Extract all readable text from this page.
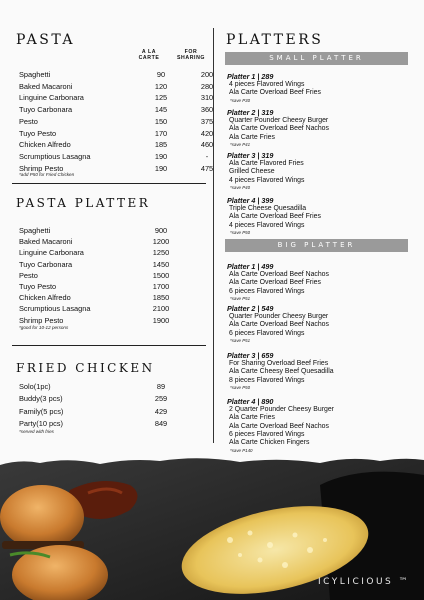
PASTA
A LA CARTE
FOR SHARING
*add P50 for Fried Chicken
PASTA PLATTER
*good for 10-12 persons
FRIED CHICKEN
*served with fries
PLATTERS
SMALL PLATTER
BIG PLATTER
ICYLICIOUS ™
Spaghetti	90	200
Baked Macaroni	120	280
Linguine Carbonara	125	310
Tuyo Carbonara	145	360
Pesto	150	375
Tuyo Pesto	170	420
Chicken Alfredo	185	460
Scrumptious Lasagna	190	-
Shrimp Pesto	190	475
Spaghetti	900
Baked Macaroni	1200
Linguine Carbonara	1250
Tuyo Carbonara	1450
Pesto	1500
Tuyo Pesto	1700
Chicken Alfredo	1850
Scrumptious Lasagna	2100
Shrimp Pesto	1900
Solo(1pc)	89
Buddy(3 pcs)	259
Family(5 pcs)	429
Party(10 pcs)	849
Platter 1 | 289
4 pieces Flavored Wings
Ala Carte Overload Beef Fries
*save P30
Platter 2 | 319
Quarter Pounder Cheesy Burger
Ala Carte Overload Beef Nachos
Ala Carte Fries
*save P41
Platter 3 | 319
Ala Carte Flavored Fries
Grilled Cheese
4 pieces Flavored Wings
*save P40
Platter 4 | 399
Triple Cheese Quesadilla
Ala Carte Overload Beef Fries
4 pieces Flavored Wings
*save P50
Platter 1 | 499
Ala Carte Overload Beef Nachos
Ala Carte Overload Beef Fries
6 pieces Flavored Wings
*save P51
Platter 2 | 549
Quarter Pounder Cheesy Burger
Ala Carte Overload Beef Nachos
6 pieces Flavored Wings
*save P51
Platter 3 | 659
For Sharing Overload Beef Fries
Ala Carte Cheesy Beef Quesadilla
8 pieces Flavored Wings
*save P50
Platter 4 | 890
2 Quarter Pounder Cheesy Burger
Ala Carte Fries
Ala Carte Overload Beef Nachos
6 pieces Flavored Wings
Ala Carte Chicken Fingers
*save P140
